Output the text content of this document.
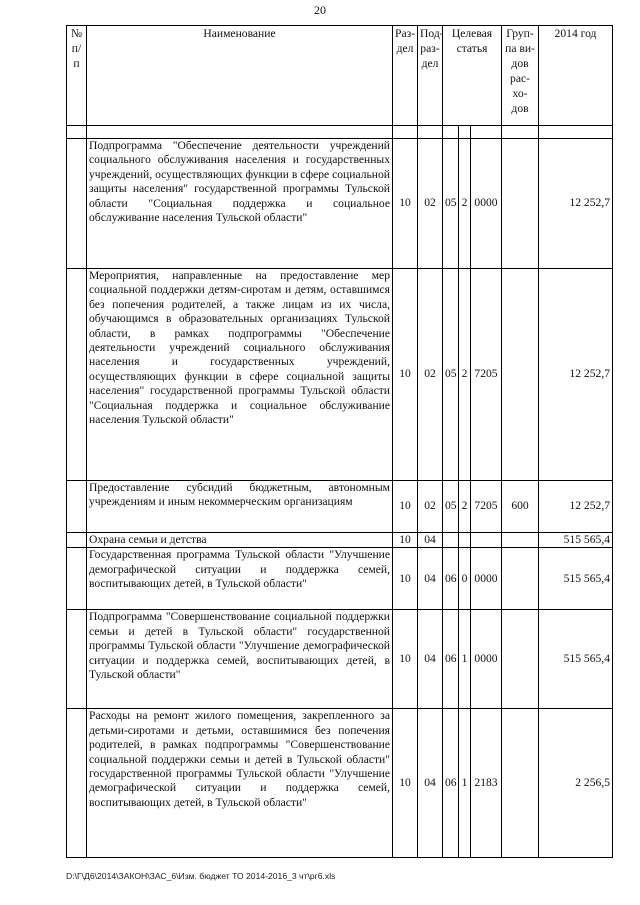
20
№ п/ п	Наименование	Раз- дел	Под- раз- дел	Целевая статья			Груп- па ви- дов рас- хо- дов	2014 год

	Подпрограмма "Обеспечение деятельности учреждений социального обслуживания населения и государственных учреждений, осуществляющих функции в сфере социальной защиты населения" государственной программы Тульской области "Социальная поддержка и социальное обслуживание населения Тульской области"	10	02	05	2	0000		12 252,7
	Мероприятия, направленные на предоставление мер социальной поддержки детям-сиротам и детям, оставшимся без попечения родителей, а также лицам из их числа, обучающимся в образовательных организациях Тульской области, в рамках подпрограммы "Обеспечение деятельности учреждений социального обслуживания населения и государственных учреждений, осуществляющих функции в сфере социальной защиты населения" государственной программы Тульской области "Социальная поддержка и социальное обслуживание населения Тульской области"	10	02	05	2	7205		12 252,7
	Предоставление субсидий бюджетным, автономным учреждениям и иным некоммерческим организациям	10	02	05	2	7205	600	12 252,7
	Охрана семьи и детства	10	04					515 565,4
	Государственная программа Тульской области "Улучшение демографической ситуации и поддержка семей, воспитывающих детей, в Тульской области"	10	04	06	0	0000		515 565,4
	Подпрограмма "Совершенствование социальной поддержки семьи и детей в Тульской области" государственной программы Тульской области "Улучшение демографической ситуации и поддержка семей, воспитывающих детей, в Тульской области"	10	04	06	1	0000		515 565,4
	Расходы на ремонт жилого помещения, закрепленного за детьми-сиротами и детьми, оставшимися без попечения родителей, в рамках подпрограммы "Совершенствование социальной поддержки семьи и детей в Тульской области" государственной программы Тульской области "Улучшение демографической ситуации и поддержка семей, воспитывающих детей, в Тульской области"	10	04	06	1	2183		2 256,5
D:\Г\Д6\2014\ЗАКОН\ЗАС_6\Изм. бюджет ТО 2014-2016_3 чт\рг6.xls
